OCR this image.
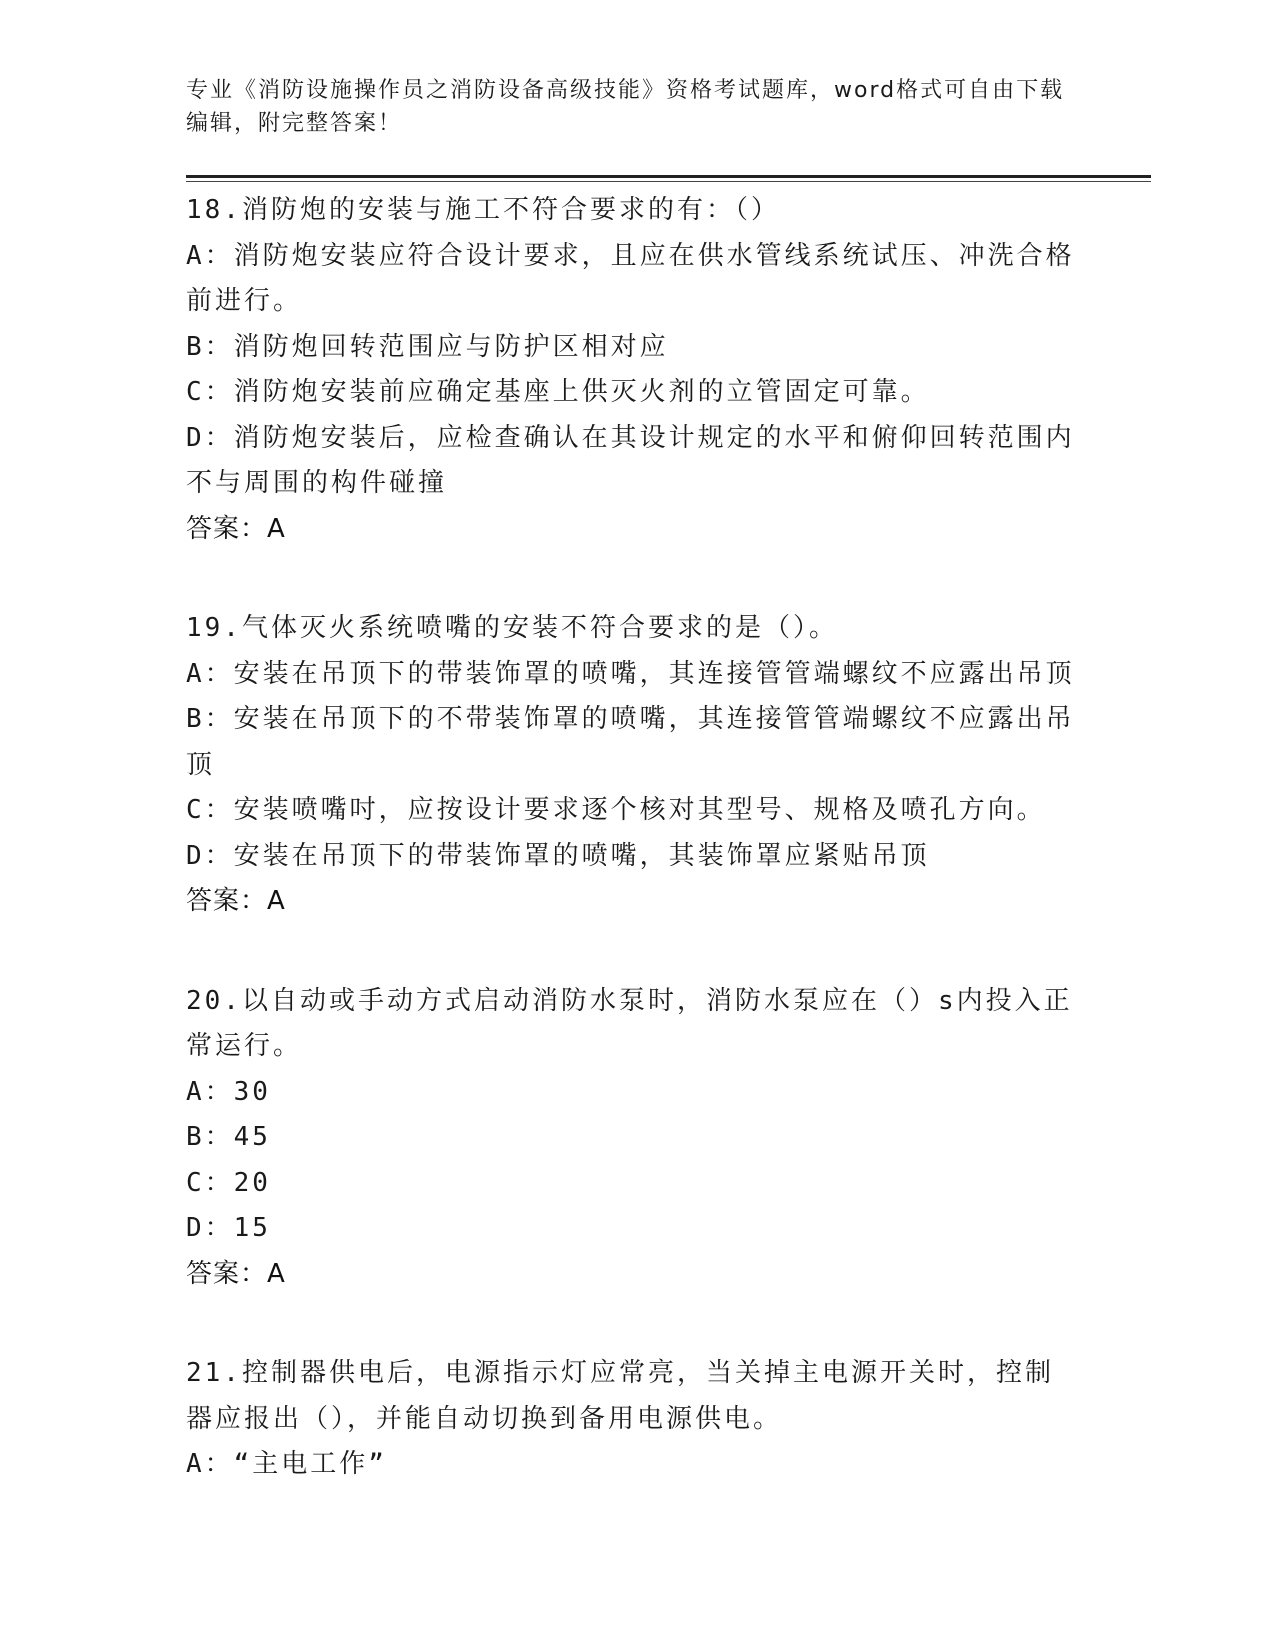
专业《消防设施操作员之消防设备高级技能》资格考试题库，word格式可自由下载编辑，附完整答案！
18.消防炮的安装与施工不符合要求的有：（）
A：消防炮安装应符合设计要求，且应在供水管线系统试压、冲洗合格前进行。
B：消防炮回转范围应与防护区相对应
C：消防炮安装前应确定基座上供灭火剂的立管固定可靠。
D：消防炮安装后，应检查确认在其设计规定的水平和俯仰回转范围内不与周围的构件碰撞
答案：A
19.气体灭火系统喷嘴的安装不符合要求的是（）。
A：安装在吊顶下的带装饰罩的喷嘴，其连接管管端螺纹不应露出吊顶
B：安装在吊顶下的不带装饰罩的喷嘴，其连接管管端螺纹不应露出吊顶
C：安装喷嘴吋，应按设计要求逐个核对其型号、规格及喷孔方向。
D：安装在吊顶下的带装饰罩的喷嘴，其装饰罩应紧贴吊顶
答案：A
20.以自动或手动方式启动消防水泵时，消防水泵应在（）s内投入正常运行。
A：30
B：45
C：20
D：15
答案：A
21.控制器供电后，电源指示灯应常亮，当关掉主电源开关时，控制器应报出（），并能自动切换到备用电源供电。
A：“主电工作”
